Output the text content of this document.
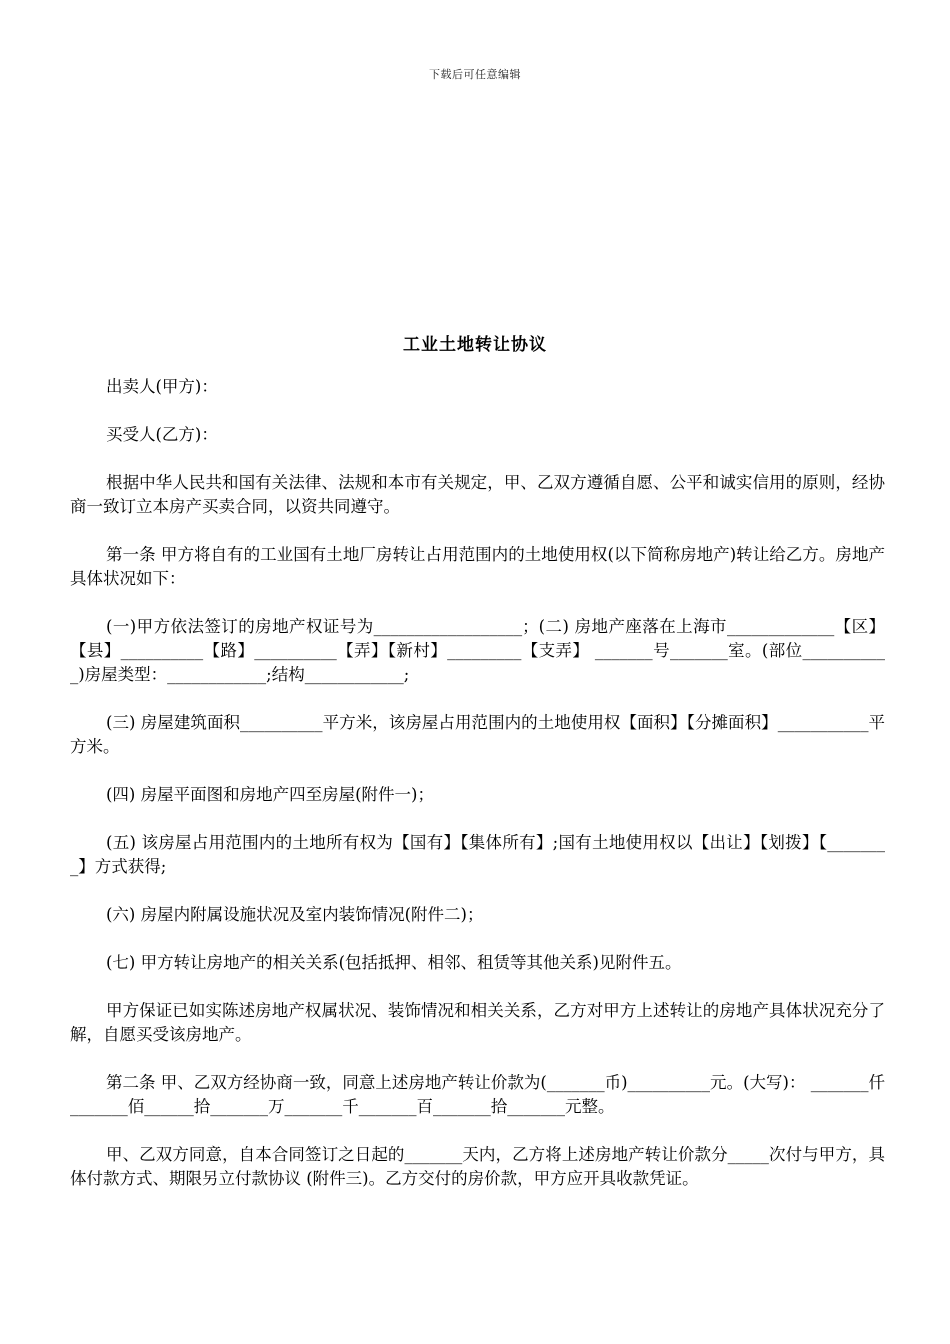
下载后可任意编辑
工业土地转让协议

出卖人(甲方)：

买受人(乙方)：

根据中华人民共和国有关法律、法规和本市有关规定，甲、乙双方遵循自愿、公平和诚实信用的原则，经协商一致订立本房产买卖合同，以资共同遵守。

第一条 甲方将自有的工业国有土地厂房转让占用范围内的土地使用权(以下简称房地产)转让给乙方。房地产具体状况如下：

(一)甲方依法签订的房地产权证号为__________________；(二) 房地产座落在上海市_____________【区】【县】__________【路】__________【弄】【新村】_________【支弄】 _______号_______室。(部位___________)房屋类型：____________;结构____________;

(三) 房屋建筑面积__________平方米，该房屋占用范围内的土地使用权【面积】【分摊面积】___________平方米。

(四) 房屋平面图和房地产四至房屋(附件一)；

(五) 该房屋占用范围内的土地所有权为【国有】【集体所有】;国有土地使用权以【出让】【划拨】【________】方式获得;

(六) 房屋内附属设施状况及室内装饰情况(附件二)；

(七) 甲方转让房地产的相关关系(包括抵押、相邻、租赁等其他关系)见附件五。

甲方保证已如实陈述房地产权属状况、装饰情况和相关关系，乙方对甲方上述转让的房地产具体状况充分了解，自愿买受该房地产。

第二条 甲、乙双方经协商一致，同意上述房地产转让价款为(_______币)__________元。(大写)： _______仟_______佰______拾_______万_______千_______百_______拾_______元整。

甲、乙双方同意，自本合同签订之日起的_______天内，乙方将上述房地产转让价款分_____次付与甲方，具体付款方式、期限另立付款协议 (附件三)。乙方交付的房价款，甲方应开具收款凭证。
